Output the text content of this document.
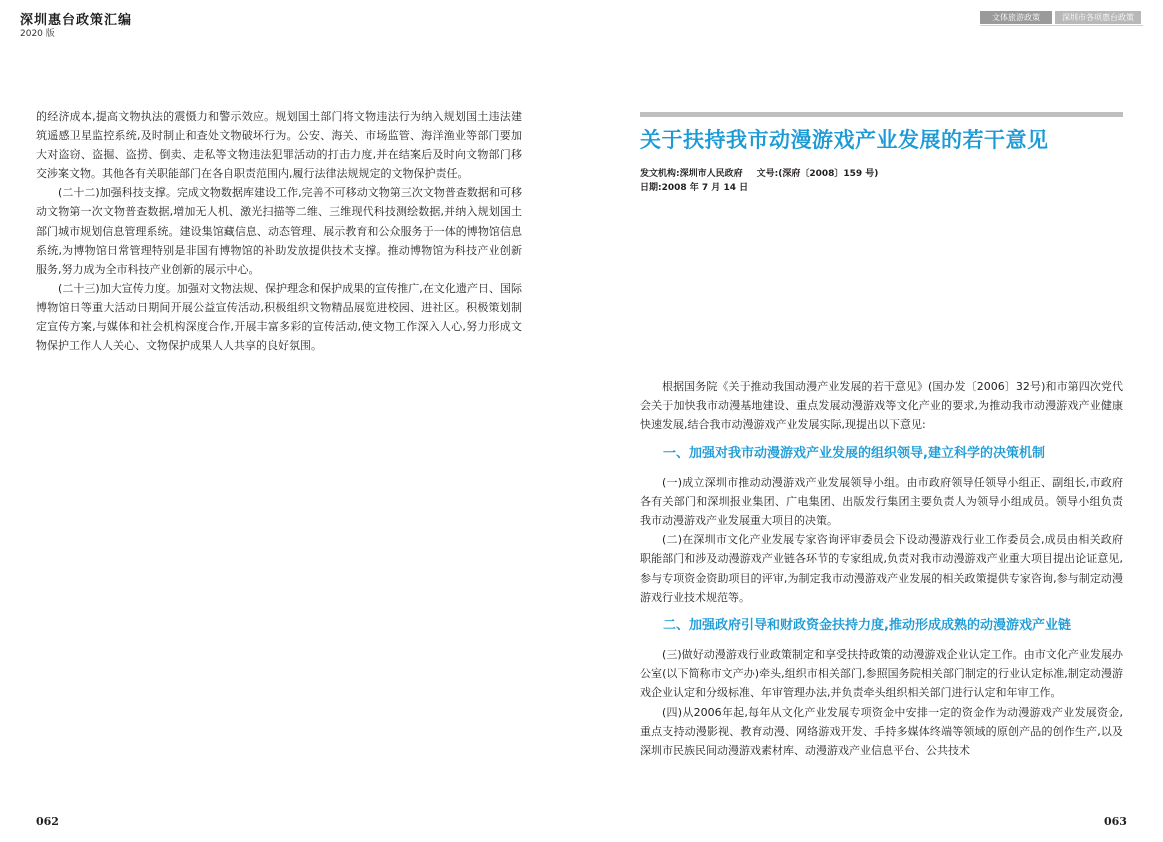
深圳惠台政策汇编
2020 版
文体旅游政策	深圳市各项惠台政策

的经济成本,提高文物执法的震慑力和警示效应。规划国土部门将文物违法行为纳入规划国土违法建筑遥感卫星监控系统,及时制止和查处文物破坏行为。公安、海关、市场监管、海洋渔业等部门要加大对盗窃、盗掘、盗捞、倒卖、走私等文物违法犯罪活动的打击力度,并在结案后及时向文物部门移交涉案文物。其他各有关职能部门在各自职责范围内,履行法律法规规定的文物保护责任。

(二十二)加强科技支撑。完成文物数据库建设工作,完善不可移动文物第三次文物普查数据和可移动文物第一次文物普查数据,增加无人机、激光扫描等二维、三维现代科技测绘数据,并纳入规划国土部门城市规划信息管理系统。建设集馆藏信息、动态管理、展示教育和公众服务于一体的博物馆信息系统,为博物馆日常管理特别是非国有博物馆的补助发放提供技术支撑。推动博物馆为科技产业创新服务,努力成为全市科技产业创新的展示中心。

(二十三)加大宣传力度。加强对文物法规、保护理念和保护成果的宣传推广,在文化遗产日、国际博物馆日等重大活动日期间开展公益宣传活动,积极组织文物精品展览进校园、进社区。积极策划制定宣传方案,与媒体和社会机构深度合作,开展丰富多彩的宣传活动,使文物工作深入人心,努力形成文物保护工作人人关心、文物保护成果人人共享的良好氛围。

关于扶持我市动漫游戏产业发展的若干意见
发文机构:深圳市人民政府 文号:(深府〔2008〕159 号)
日期:2008 年 7 月 14 日

根据国务院《关于推动我国动漫产业发展的若干意见》(国办发〔2006〕32号)和市第四次党代会关于加快我市动漫基地建设、重点发展动漫游戏等文化产业的要求,为推动我市动漫游戏产业健康快速发展,结合我市动漫游戏产业发展实际,现提出以下意见:

一、加强对我市动漫游戏产业发展的组织领导,建立科学的决策机制

(一)成立深圳市推动动漫游戏产业发展领导小组。由市政府领导任领导小组正、副组长,市政府各有关部门和深圳报业集团、广电集团、出版发行集团主要负责人为领导小组成员。领导小组负责我市动漫游戏产业发展重大项目的决策。

(二)在深圳市文化产业发展专家咨询评审委员会下设动漫游戏行业工作委员会,成员由相关政府职能部门和涉及动漫游戏产业链各环节的专家组成,负责对我市动漫游戏产业重大项目提出论证意见,参与专项资金资助项目的评审,为制定我市动漫游戏产业发展的相关政策提供专家咨询,参与制定动漫游戏行业技术规范等。

二、加强政府引导和财政资金扶持力度,推动形成成熟的动漫游戏产业链

(三)做好动漫游戏行业政策制定和享受扶持政策的动漫游戏企业认定工作。由市文化产业发展办公室(以下简称市文产办)牵头,组织市相关部门,参照国务院相关部门制定的行业认定标准,制定动漫游戏企业认定和分级标准、年审管理办法,并负责牵头组织相关部门进行认定和年审工作。

(四)从2006年起,每年从文化产业发展专项资金中安排一定的资金作为动漫游戏产业发展资金,重点支持动漫影视、教育动漫、网络游戏开发、手持多媒体终端等领域的原创产品的创作生产,以及深圳市民族民间动漫游戏素材库、动漫游戏产业信息平台、公共技术

062	063
